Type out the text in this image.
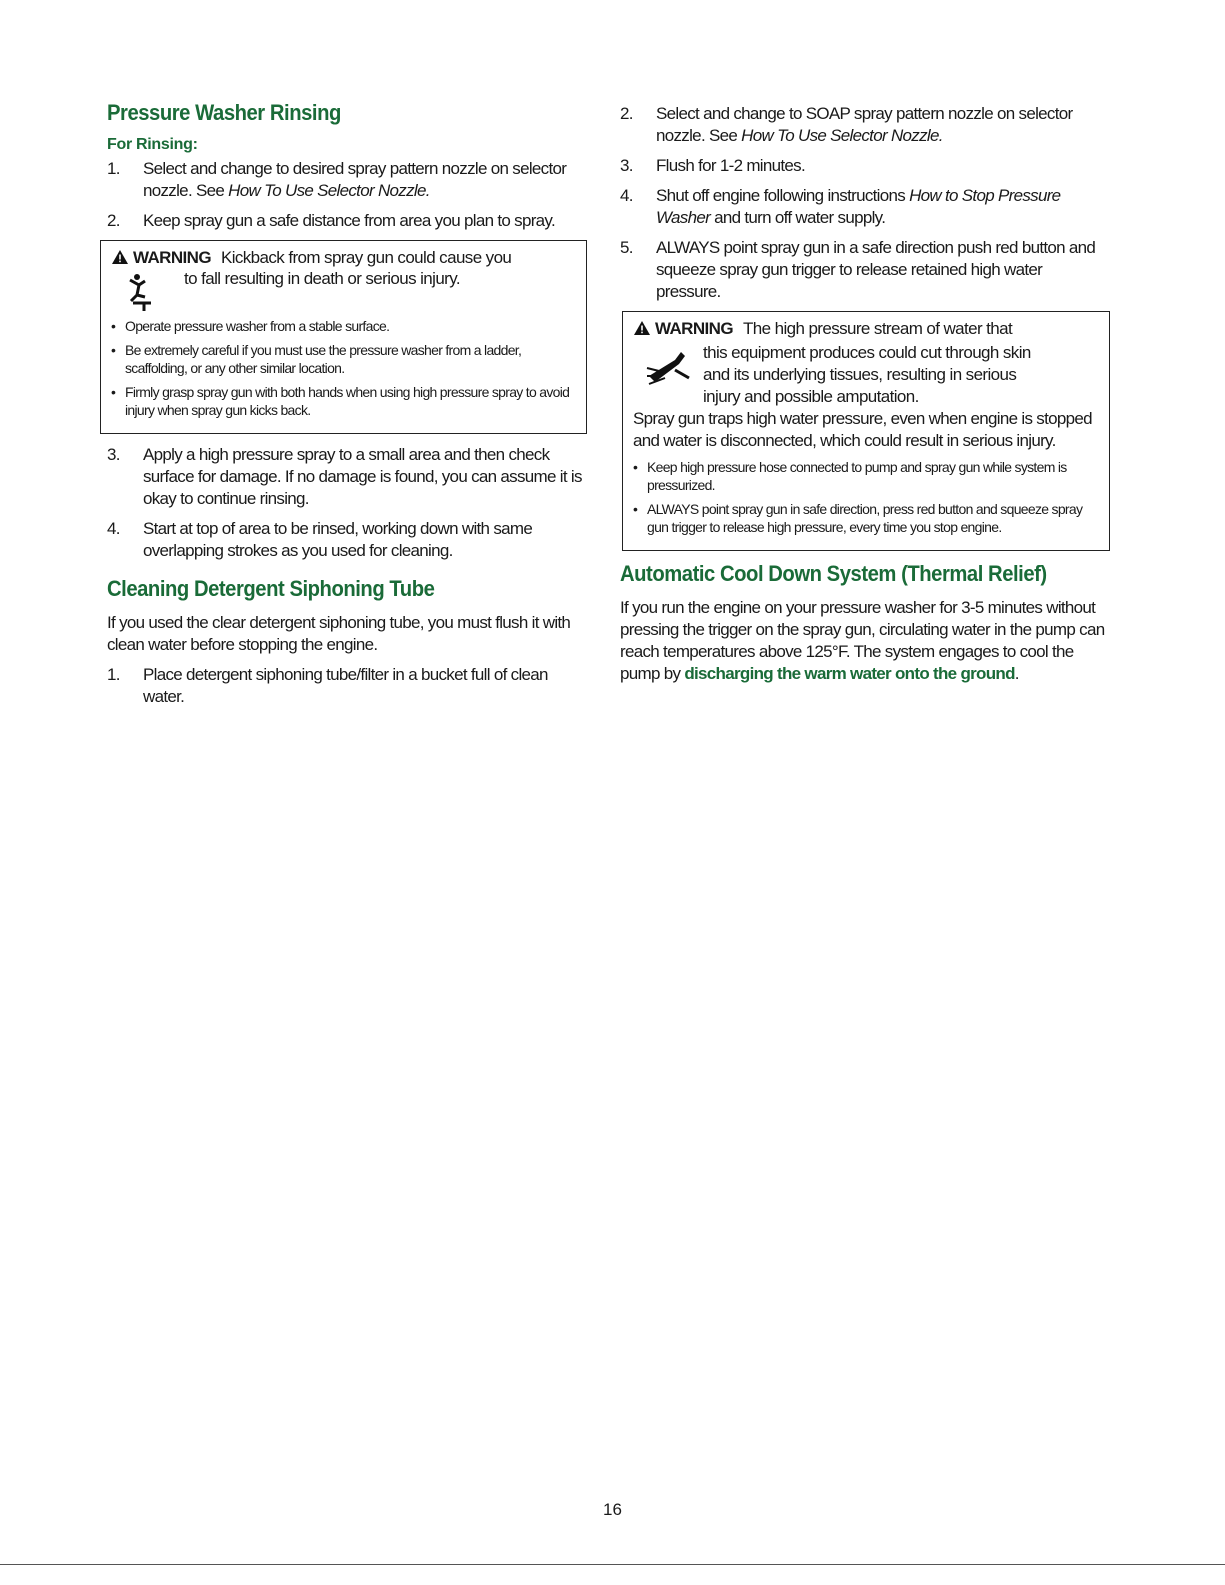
Pressure Washer Rinsing
For Rinsing:
1. Select and change to desired spray pattern nozzle on selector nozzle. See How To Use Selector Nozzle.
2. Keep spray gun a safe distance from area you plan to spray.
WARNING Kickback from spray gun could cause you
to fall resulting in death or serious injury.
• Operate pressure washer from a stable surface.
• Be extremely careful if you must use the pressure washer from a ladder, scaffolding, or any other similar location.
• Firmly grasp spray gun with both hands when using high pressure spray to avoid injury when spray gun kicks back.
3. Apply a high pressure spray to a small area and then check surface for damage. If no damage is found, you can assume it is okay to continue rinsing.
4. Start at top of area to be rinsed, working down with same overlapping strokes as you used for cleaning.
Cleaning Detergent Siphoning Tube
If you used the clear detergent siphoning tube, you must flush it with clean water before stopping the engine.
1. Place detergent siphoning tube/filter in a bucket full of clean water.
2. Select and change to SOAP spray pattern nozzle on selector nozzle. See How To Use Selector Nozzle.
3. Flush for 1-2 minutes.
4. Shut off engine following instructions How to Stop Pressure Washer and turn off water supply.
5. ALWAYS point spray gun in a safe direction push red button and squeeze spray gun trigger to release retained high water pressure.
WARNING The high pressure stream of water that
this equipment produces could cut through skin
and its underlying tissues, resulting in serious
injury and possible amputation.
Spray gun traps high water pressure, even when engine is stopped and water is disconnected, which could result in serious injury.
• Keep high pressure hose connected to pump and spray gun while system is pressurized.
• ALWAYS point spray gun in safe direction, press red button and squeeze spray gun trigger to release high pressure, every time you stop engine.
Automatic Cool Down System (Thermal Relief)
If you run the engine on your pressure washer for 3-5 minutes without pressing the trigger on the spray gun, circulating water in the pump can reach temperatures above 125°F. The system engages to cool the pump by discharging the warm water onto the ground.
16
